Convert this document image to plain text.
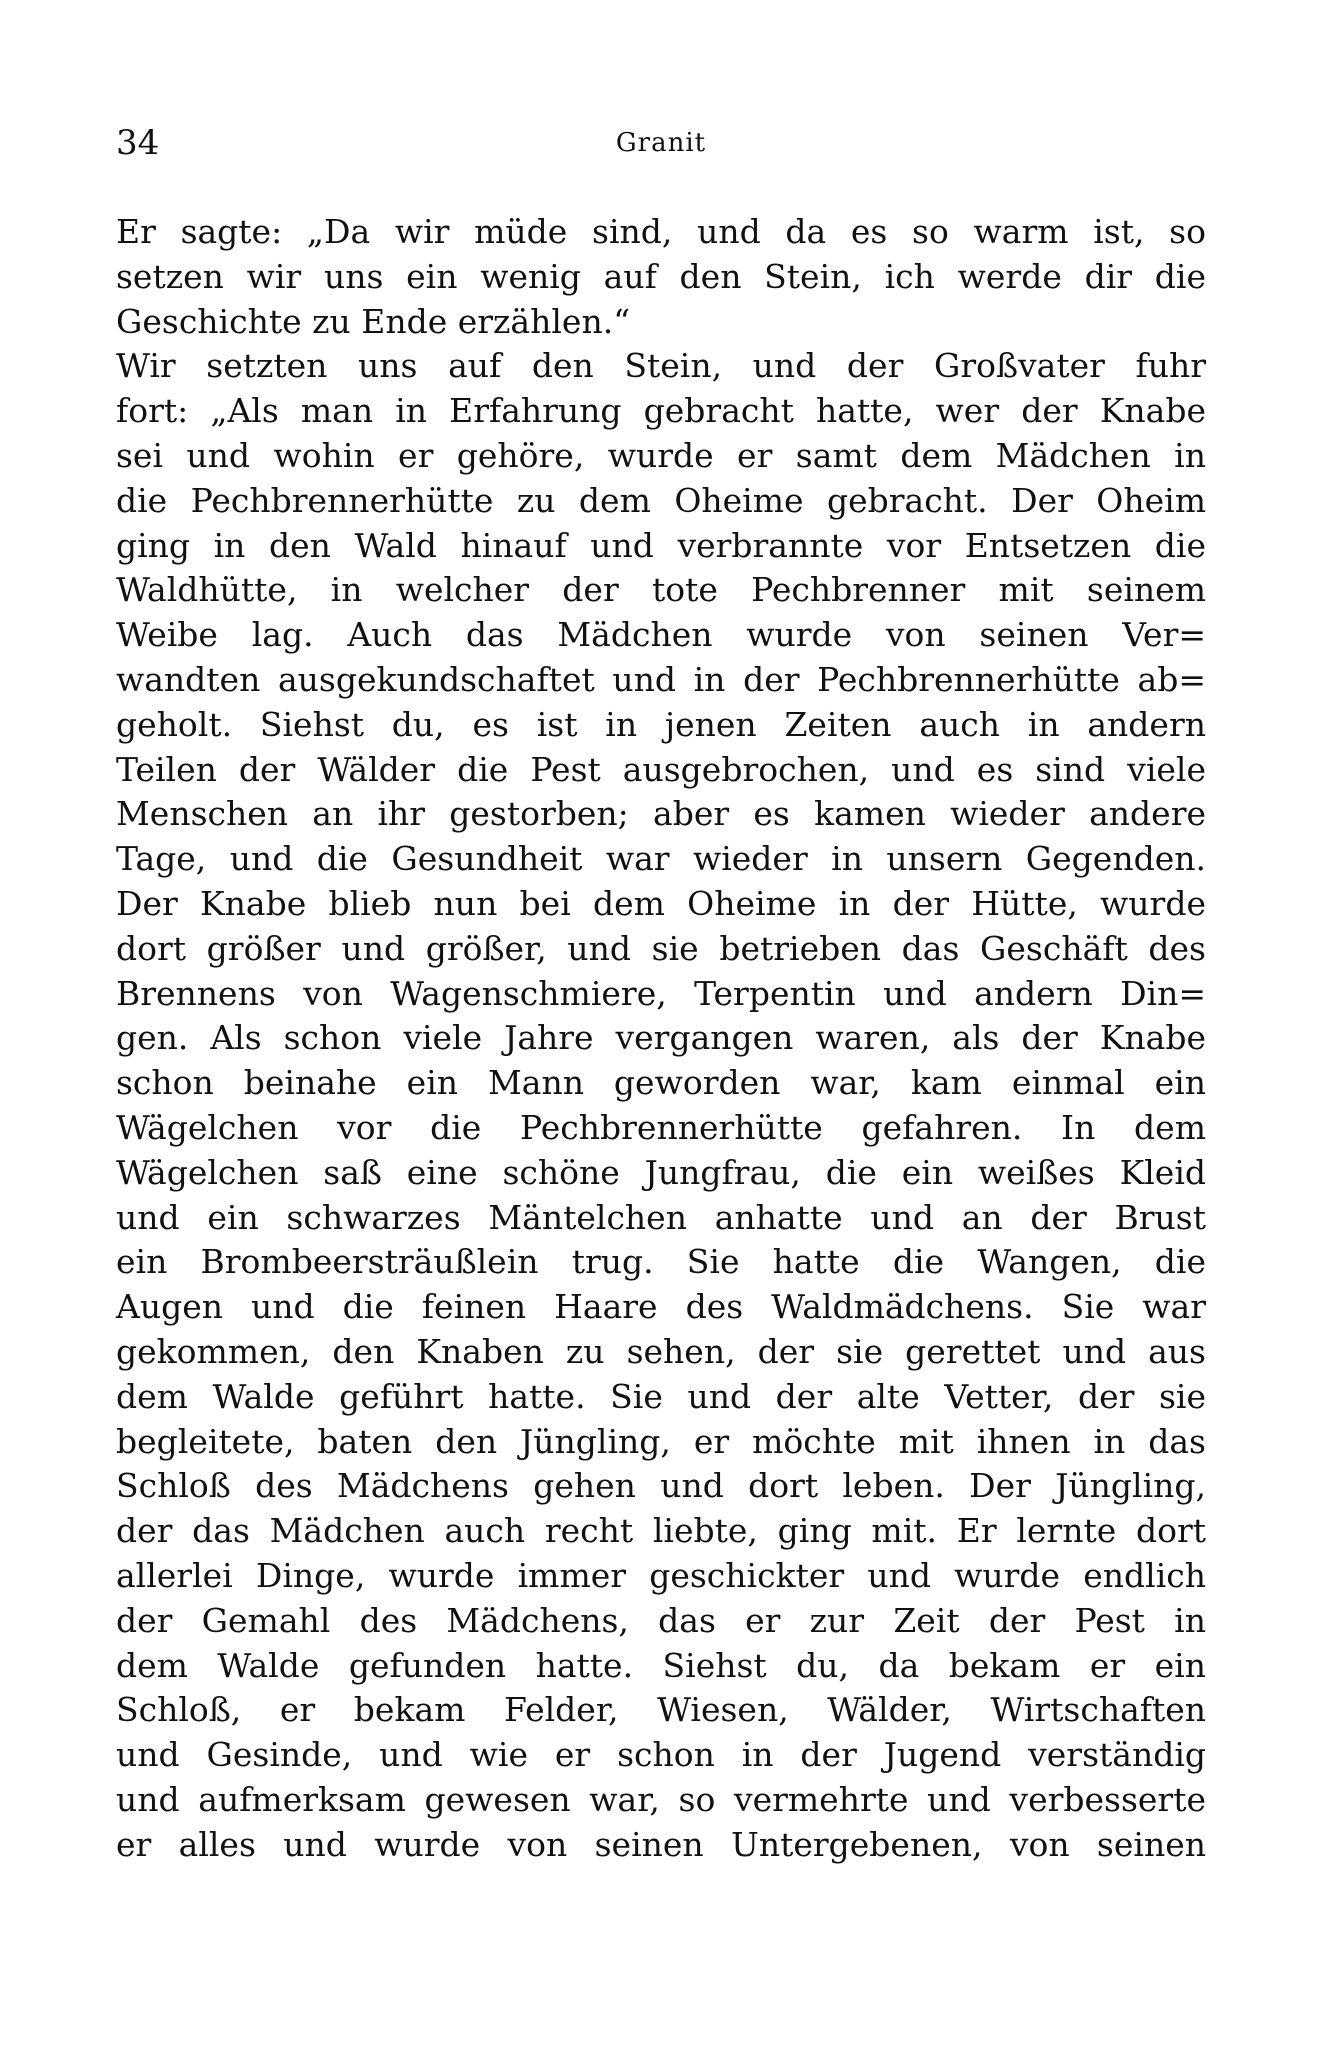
34	Granit
Er sagte: „Da wir müde sind, und da es so warm ist, so
setzen wir uns ein wenig auf den Stein, ich werde dir die
Geschichte zu Ende erzählen.“
Wir setzten uns auf den Stein, und der Großvater fuhr
fort: „Als man in Erfahrung gebracht hatte, wer der Knabe
sei und wohin er gehöre, wurde er samt dem Mädchen in
die Pechbrennerhütte zu dem Oheime gebracht. Der Oheim
ging in den Wald hinauf und verbrannte vor Entsetzen die
Waldhütte, in welcher der tote Pechbrenner mit seinem
Weibe lag. Auch das Mädchen wurde von seinen Ver=
wandten ausgekundschaftet und in der Pechbrennerhütte ab=
geholt. Siehst du, es ist in jenen Zeiten auch in andern
Teilen der Wälder die Pest ausgebrochen, und es sind viele
Menschen an ihr gestorben; aber es kamen wieder andere
Tage, und die Gesundheit war wieder in unsern Gegenden.
Der Knabe blieb nun bei dem Oheime in der Hütte, wurde
dort größer und größer, und sie betrieben das Geschäft des
Brennens von Wagenschmiere, Terpentin und andern Din=
gen. Als schon viele Jahre vergangen waren, als der Knabe
schon beinahe ein Mann geworden war, kam einmal ein
Wägelchen vor die Pechbrennerhütte gefahren. In dem
Wägelchen saß eine schöne Jungfrau, die ein weißes Kleid
und ein schwarzes Mäntelchen anhatte und an der Brust
ein Brombeersträußlein trug. Sie hatte die Wangen, die
Augen und die feinen Haare des Waldmädchens. Sie war
gekommen, den Knaben zu sehen, der sie gerettet und aus
dem Walde geführt hatte. Sie und der alte Vetter, der sie
begleitete, baten den Jüngling, er möchte mit ihnen in das
Schloß des Mädchens gehen und dort leben. Der Jüngling,
der das Mädchen auch recht liebte, ging mit. Er lernte dort
allerlei Dinge, wurde immer geschickter und wurde endlich
der Gemahl des Mädchens, das er zur Zeit der Pest in
dem Walde gefunden hatte. Siehst du, da bekam er ein
Schloß, er bekam Felder, Wiesen, Wälder, Wirtschaften
und Gesinde, und wie er schon in der Jugend verständig
und aufmerksam gewesen war, so vermehrte und verbesserte
er alles und wurde von seinen Untergebenen, von seinen
